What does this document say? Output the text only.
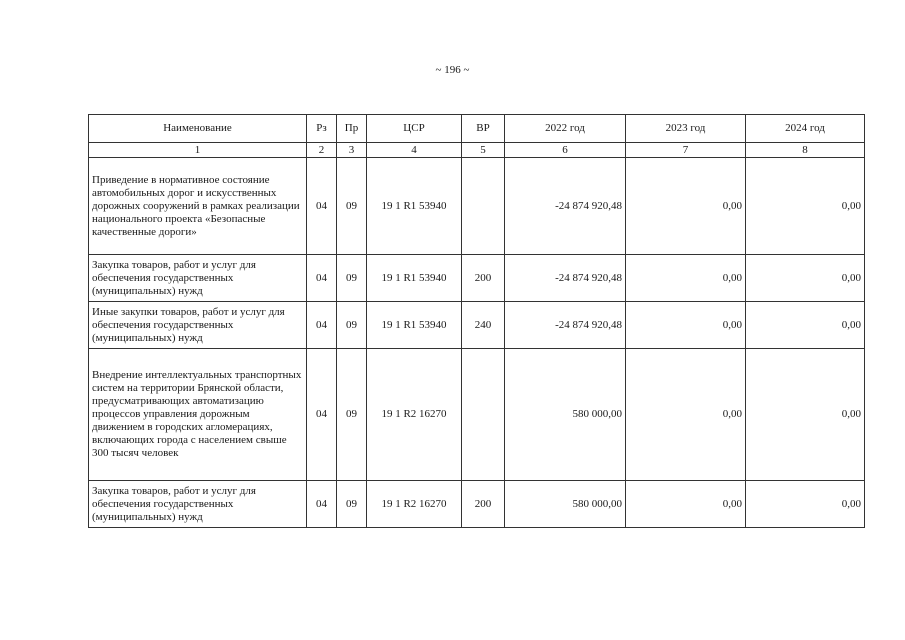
~ 196 ~
Наименование	Рз	Пр	ЦСР	ВР	2022 год	2023 год	2024 год
1	2	3	4	5	6	7	8
Приведение в нормативное состояние автомобильных дорог и искусственных дорожных сооружений в рамках реализации национального проекта «Безопасные качественные дороги»	04	09	19 1 R1 53940		-24 874 920,48	0,00	0,00
Закупка товаров, работ и услуг для обеспечения государственных (муниципальных) нужд	04	09	19 1 R1 53940	200	-24 874 920,48	0,00	0,00
Иные закупки товаров, работ и услуг для обеспечения государственных (муниципальных) нужд	04	09	19 1 R1 53940	240	-24 874 920,48	0,00	0,00
Внедрение интеллектуальных транспортных систем на территории Брянской области, предусматривающих автоматизацию процессов управления дорожным движением в городских агломерациях, включающих города с населением свыше 300 тысяч человек	04	09	19 1 R2 16270		580 000,00	0,00	0,00
Закупка товаров, работ и услуг для обеспечения государственных (муниципальных) нужд	04	09	19 1 R2 16270	200	580 000,00	0,00	0,00
